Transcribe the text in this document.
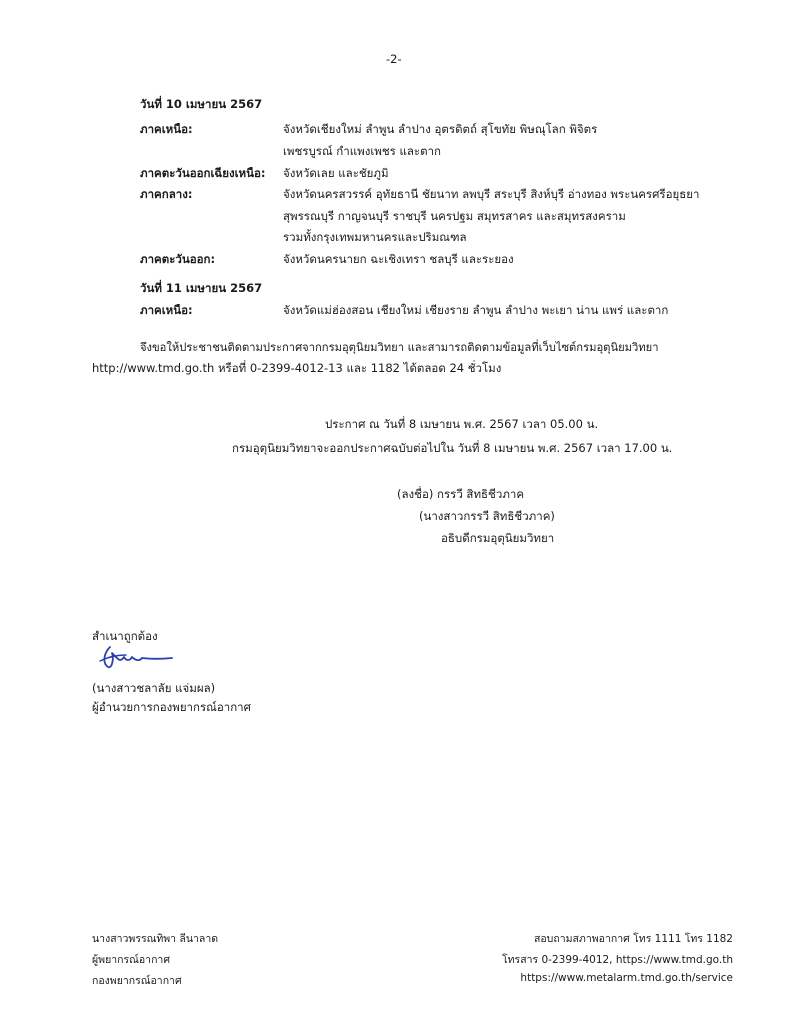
-2-
วันที่ 10 เมษายน 2567
ภาคเหนือ:	จังหวัดเชียงใหม่ ลำพูน ลำปาง อุตรดิตถ์ สุโขทัย พิษณุโลก พิจิตร
เพชรบูรณ์ กำแพงเพชร และตาก
ภาคตะวันออกเฉียงเหนือ: จังหวัดเลย และชัยภูมิ
ภาคกลาง:	จังหวัดนครสวรรค์ อุทัยธานี ชัยนาท ลพบุรี สระบุรี สิงห์บุรี อ่างทอง พระนครศรีอยุธยา
สุพรรณบุรี กาญจนบุรี ราชบุรี นครปฐม สมุทรสาคร และสมุทรสงคราม
รวมทั้งกรุงเทพมหานครและปริมณฑล
ภาคตะวันออก:	จังหวัดนครนายก ฉะเชิงเทรา ชลบุรี และระยอง
วันที่ 11 เมษายน 2567
ภาคเหนือ:	จังหวัดแม่ฮ่องสอน เชียงใหม่ เชียงราย ลำพูน ลำปาง พะเยา น่าน แพร่ และตาก
จึงขอให้ประชาชนติดตามประกาศจากกรมอุตุนิยมวิทยา และสามารถติดตามข้อมูลที่เว็บไซต์กรมอุตุนิยมวิทยา
http://www.tmd.go.th หรือที่ 0-2399-4012-13 และ 1182 ได้ตลอด 24 ชั่วโมง
ประกาศ ณ วันที่ 8 เมษายน พ.ศ. 2567 เวลา 05.00 น.
กรมอุตุนิยมวิทยาจะออกประกาศฉบับต่อไปใน วันที่ 8 เมษายน พ.ศ. 2567 เวลา 17.00 น.
(ลงชื่อ) กรรวี สิทธิชีวภาค
(นางสาวกรรวี สิทธิชีวภาค)
อธิบดีกรมอุตุนิยมวิทยา
สำเนาถูกต้อง
(นางสาวชลาลัย แจ่มผล)
ผู้อำนวยการกองพยากรณ์อากาศ
นางสาวพรรณทิพา ลีนาลาด
ผู้พยากรณ์อากาศ
กองพยากรณ์อากาศ
สอบถามสภาพอากาศ โทร 1111 โทร 1182
โทรสาร 0-2399-4012, https://www.tmd.go.th
https://www.metalarm.tmd.go.th/service
